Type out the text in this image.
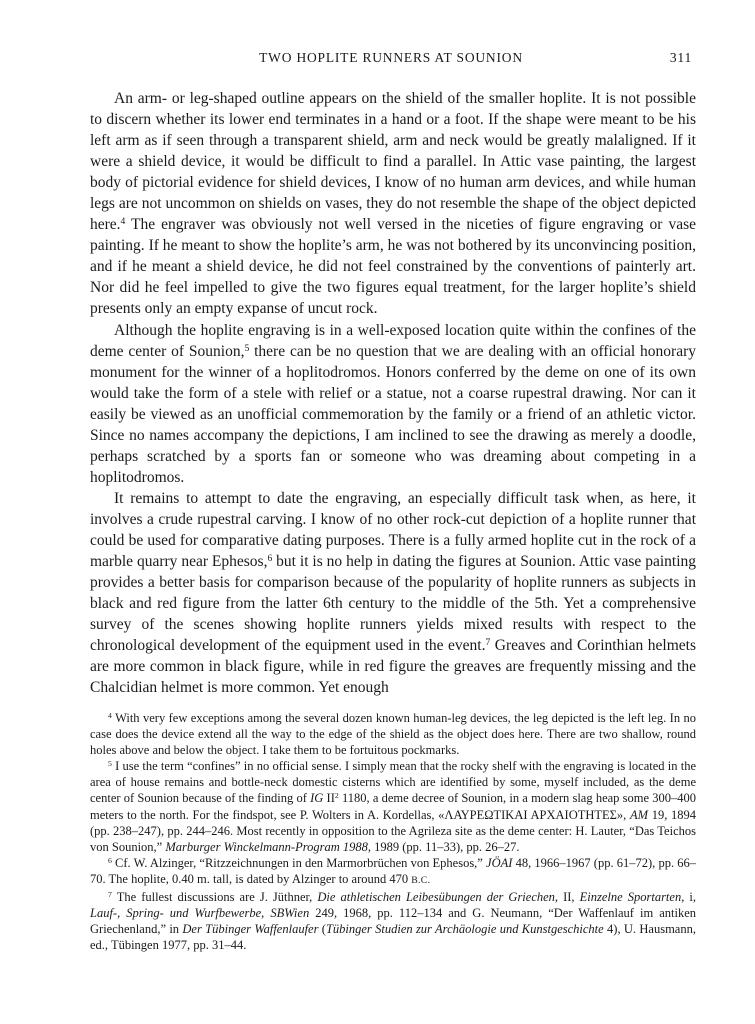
TWO HOPLITE RUNNERS AT SOUNION	311

An arm- or leg-shaped outline appears on the shield of the smaller hoplite. It is not possible to discern whether its lower end terminates in a hand or a foot. If the shape were meant to be his left arm as if seen through a transparent shield, arm and neck would be greatly malaligned. If it were a shield device, it would be difficult to find a parallel. In Attic vase painting, the largest body of pictorial evidence for shield devices, I know of no human arm devices, and while human legs are not uncommon on shields on vases, they do not resemble the shape of the object depicted here.$^4$ The engraver was obviously not well versed in the niceties of figure engraving or vase painting. If he meant to show the hoplite’s arm, he was not bothered by its unconvincing position, and if he meant a shield device, he did not feel constrained by the conventions of painterly art. Nor did he feel impelled to give the two figures equal treatment, for the larger hoplite’s shield presents only an empty expanse of uncut rock.

Although the hoplite engraving is in a well-exposed location quite within the confines of the deme center of Sounion,$^5$ there can be no question that we are dealing with an official honorary monument for the winner of a hoplitodromos. Honors conferred by the deme on one of its own would take the form of a stele with relief or a statue, not a coarse rupestral drawing. Nor can it easily be viewed as an unofficial commemoration by the family or a friend of an athletic victor. Since no names accompany the depictions, I am inclined to see the drawing as merely a doodle, perhaps scratched by a sports fan or someone who was dreaming about competing in a hoplitodromos.

It remains to attempt to date the engraving, an especially difficult task when, as here, it involves a crude rupestral carving. I know of no other rock-cut depiction of a hoplite runner that could be used for comparative dating purposes. There is a fully armed hoplite cut in the rock of a marble quarry near Ephesos,$^6$ but it is no help in dating the figures at Sounion. Attic vase painting provides a better basis for comparison because of the popularity of hoplite runners as subjects in black and red figure from the latter 6th century to the middle of the 5th. Yet a comprehensive survey of the scenes showing hoplite runners yields mixed results with respect to the chronological development of the equipment used in the event.$^7$ Greaves and Corinthian helmets are more common in black figure, while in red figure the greaves are frequently missing and the Chalcidian helmet is more common. Yet enough

$^4$ With very few exceptions among the several dozen known human-leg devices, the leg depicted is the left leg. In no case does the device extend all the way to the edge of the shield as the object does here. There are two shallow, round holes above and below the object. I take them to be fortuitous pockmarks.

$^5$ I use the term “confines” in no official sense. I simply mean that the rocky shelf with the engraving is located in the area of house remains and bottle-neck domestic cisterns which are identified by some, myself included, as the deme center of Sounion because of the finding of IG $II^2$ 1180, a deme decree of Sounion, in a modern slag heap some 300–400 meters to the north. For the findspot, see P. Wolters in A. Kordellas, «ΛΑΥΡΕΩΤΙΚΑΙ ΑΡΧΑΙΟΤΗΤΕΣ», AM 19, 1894 (pp. 238–247), pp. 244–246. Most recently in opposition to the Agrileza site as the deme center: H. Lauter, “Das Teichos von Sounion,” Marburger Winckelmann-Program 1988, 1989 (pp. 11–33), pp. 26–27.

$^6$ Cf. W. Alzinger, “Ritzzeichnungen in den Marmorbrüchen von Ephesos,” JÖAI 48, 1966–1967 (pp. 61–72), pp. 66–70. The hoplite, 0.40 m. tall, is dated by Alzinger to around 470 B.C.

$^7$ The fullest discussions are J. Jüthner, Die athletischen Leibesübungen der Griechen, II, Einzelne Sportarten, i, Lauf-, Spring- und Wurfbewerbe, SBWien 249, 1968, pp. 112–134 and G. Neumann, “Der Waffenlauf im antiken Griechenland,” in Der Tübinger Waffenlaufer (Tübinger Studien zur Archäologie und Kunstgeschichte 4), U. Hausmann, ed., Tübingen 1977, pp. 31–44.
